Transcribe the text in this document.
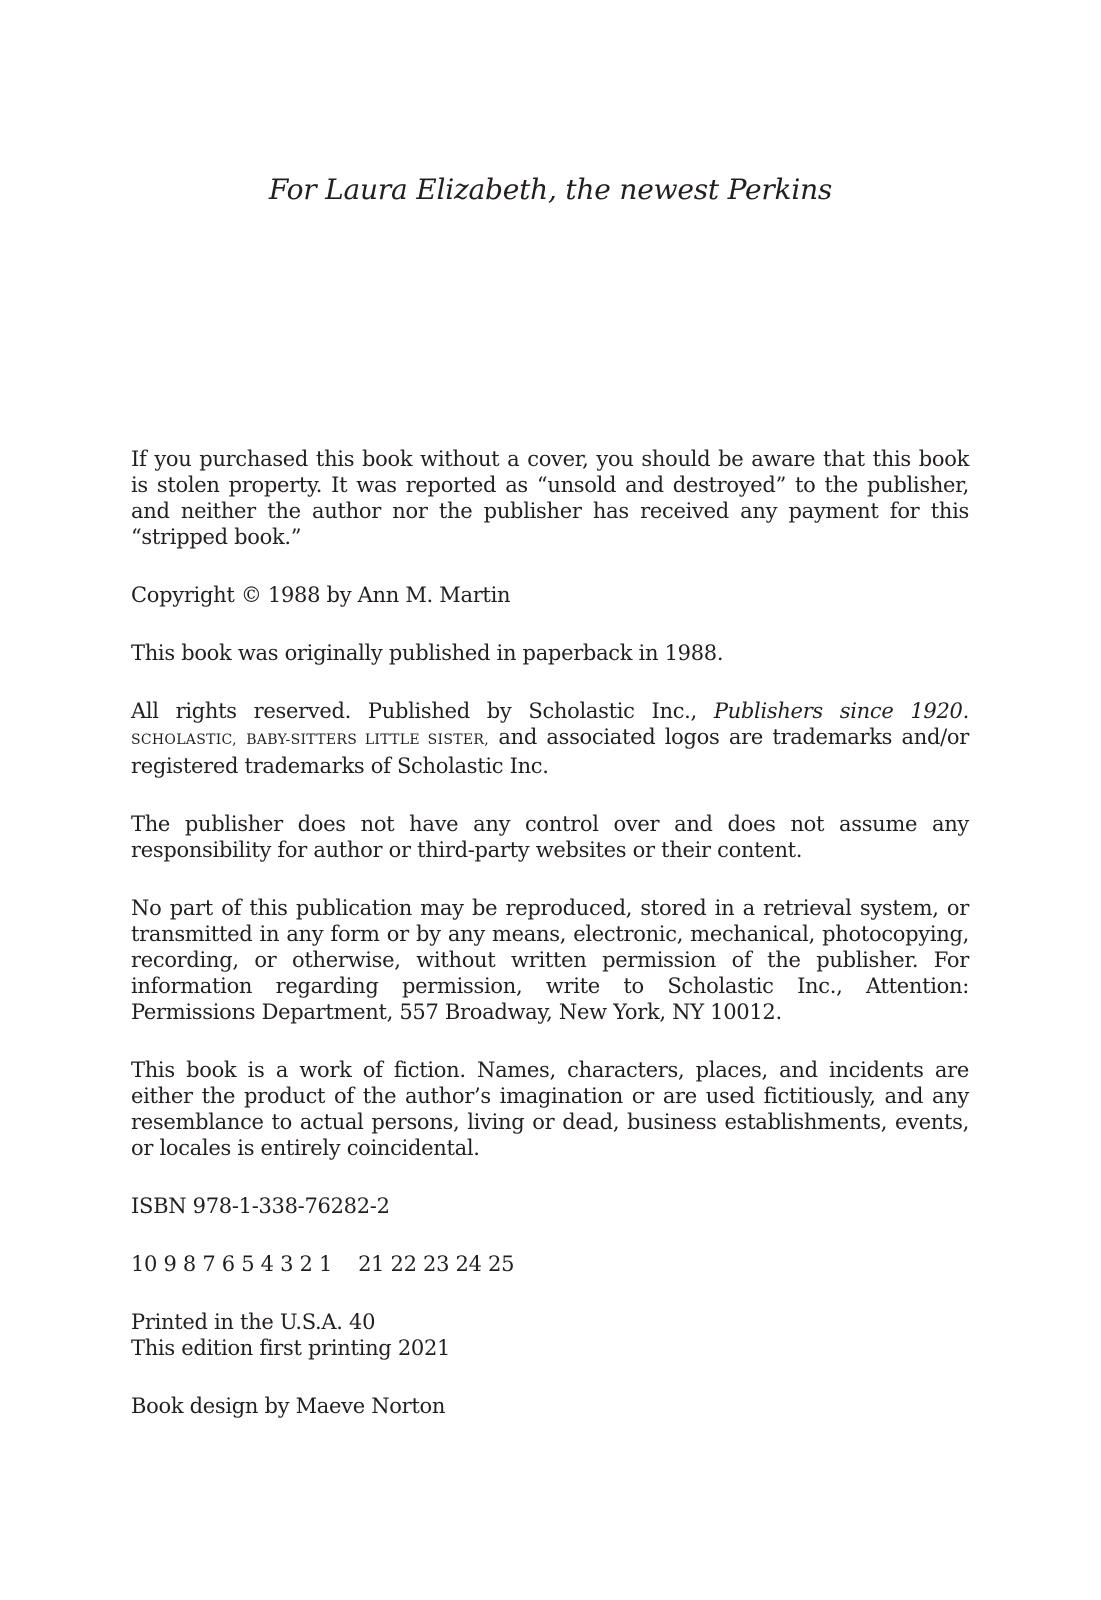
For Laura Elizabeth, the newest Perkins

If you purchased this book without a cover, you should be aware that this book is stolen property. It was reported as “unsold and destroyed” to the publisher, and neither the author nor the publisher has received any payment for this “stripped book.”

Copyright © 1988 by Ann M. Martin

This book was originally published in paperback in 1988.

All rights reserved. Published by Scholastic Inc., Publishers since 1920. SCHOLASTIC, BABY-SITTERS LITTLE SISTER, and associated logos are trademarks and/or registered trademarks of Scholastic Inc.

The publisher does not have any control over and does not assume any responsibility for author or third-party websites or their content.

No part of this publication may be reproduced, stored in a retrieval system, or transmitted in any form or by any means, electronic, mechanical, photocopying, recording, or otherwise, without written permission of the publisher. For information regarding permission, write to Scholastic Inc., Attention: Permissions Department, 557 Broadway, New York, NY 10012.

This book is a work of fiction. Names, characters, places, and incidents are either the product of the author’s imagination or are used fictitiously, and any resemblance to actual persons, living or dead, business establishments, events, or locales is entirely coincidental.

ISBN 978-1-338-76282-2

10 9 8 7 6 5 4 3 2 1 21 22 23 24 25

Printed in the U.S.A. 40
This edition first printing 2021

Book design by Maeve Norton
